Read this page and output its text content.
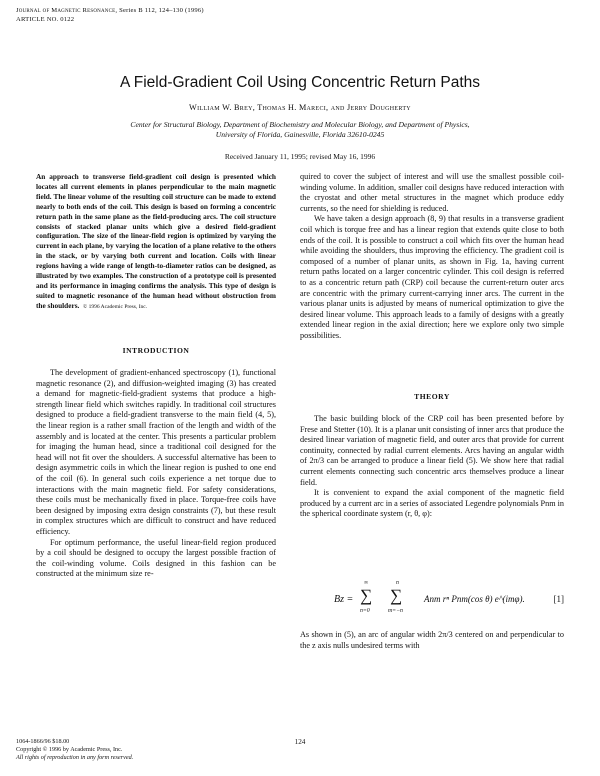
Journal of Magnetic Resonance, Series B 112, 124–130 (1996)
ARTICLE NO. 0122
A Field-Gradient Coil Using Concentric Return Paths
William W. Brey, Thomas H. Mareci, and Jerry Dougherty
Center for Structural Biology, Department of Biochemistry and Molecular Biology, and Department of Physics,
University of Florida, Gainesville, Florida 32610-0245
Received January 11, 1995; revised May 16, 1996
An approach to transverse field-gradient coil design is presented which locates all current elements in planes perpendicular to the main magnetic field. The linear volume of the resulting coil structure can be made to extend nearly to both ends of the coil. This design is based on forming a concentric return path in the same plane as the field-producing arcs. The coil structure consists of stacked planar units which give a desired field-gradient configuration. The size of the linear-field region is optimized by varying the current in each plane, by varying the location of a plane relative to the others in the stack, or by varying both current and location. Coils with linear regions having a wide range of length-to-diameter ratios can be designed, as illustrated by two examples. The construction of a prototype coil is presented and its performance in imaging confirms the analysis. This type of design is suited to magnetic resonance of the human head without obstruction from the shoulders. © 1996 Academic Press, Inc.
INTRODUCTION

The development of gradient-enhanced spectroscopy (1), functional magnetic resonance (2), and diffusion-weighted imaging (3) has created a demand for magnetic-field-gradient systems that produce a high-strength linear field which switches rapidly. In traditional coil structures designed to produce a field-gradient transverse to the main field (4, 5), the linear region is a rather small fraction of the length and width of the assembly and is located at the center. This presents a particular problem for imaging the human head, since a traditional coil designed for the head will not fit over the shoulders. A successful alternative has been to design asymmetric coils in which the linear region is pushed to one end of the coil (6). In general such coils experience a net torque due to interactions with the main magnetic field. For safety considerations, these coils must be mechanically fixed in place. Torque-free coils have been designed by imposing extra design constraints (7), but these result in complex structures which are difficult to construct and have reduced efficiency.

For optimum performance, the useful linear-field region produced by a coil should be designed to occupy the largest possible fraction of the coil-winding volume. Coils designed in this fashion can be constructed at the minimum size re-

quired to cover the subject of interest and will use the smallest possible coil-winding volume. In addition, smaller coil designs have reduced interaction with the cryostat and other metal structures in the magnet which produce eddy currents, so the need for shielding is reduced.

We have taken a design approach (8, 9) that results in a transverse gradient coil which is torque free and has a linear region that extends quite close to both ends of the coil. It is possible to construct a coil which fits over the human head while avoiding the shoulders, thus improving the efficiency. The gradient coil is composed of a number of planar units, as shown in Fig. 1a, having current return paths located on a larger concentric cylinder. This coil design is referred to as a concentric return path (CRP) coil because the current-return outer arcs are concentric with the primary current-carrying inner arcs. The current in the various planar units is adjusted by means of numerical optimization to give the desired linear volume. This approach leads to a family of designs with a greatly extended linear region in the axial direction; here we explore only two simple possibilities.

THEORY

The basic building block of the CRP coil has been presented before by Frese and Stetter (10). It is a planar unit consisting of inner arcs that produce the desired linear variation of magnetic field, and outer arcs that provide for current continuity, connected by radial current elements. Arcs having an angular width of 2π/3 can be arranged to produce a linear field (5). We show here that radial current elements connecting such concentric arcs themselves produce a linear field.

It is convenient to expand the axial component of the magnetic field produced by a current arc in a series of associated Legendre polynomials Pnm in the spherical coordinate system (r, θ, φ):

Bz =
∞
∑
n=0
n
∑
m=−n
Anm rⁿ Pnm(cos θ) e^(imφ).	[1]

As shown in (5), an arc of angular width 2π/3 centered on and perpendicular to the z axis nulls undesired terms with

124
1064-1866/96 $18.00
Copyright © 1996 by Academic Press, Inc.
All rights of reproduction in any form reserved.
